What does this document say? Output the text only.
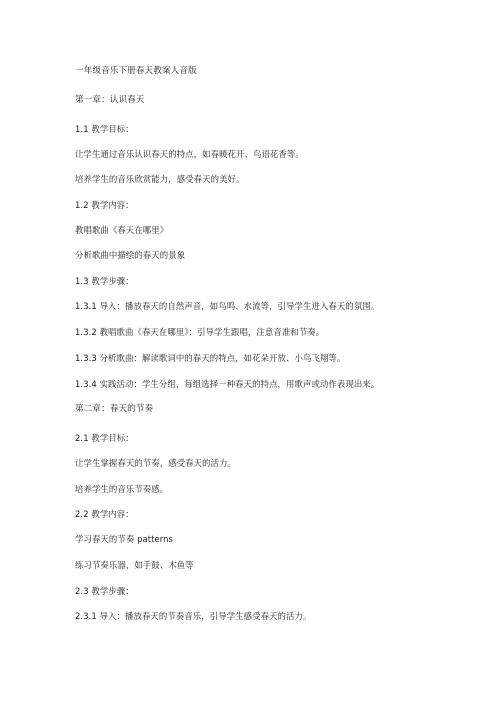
一年级音乐下册春天教案人音版
第一章：认识春天
1.1 教学目标：
让学生通过音乐认识春天的特点，如春暖花开、鸟语花香等。
培养学生的音乐欣赏能力，感受春天的美好。
1.2 教学内容：
教唱歌曲《春天在哪里》
分析歌曲中描绘的春天的景象
1.3 教学步骤：
1.3.1 导入：播放春天的自然声音，如鸟鸣、水流等，引导学生进入春天的氛围。
1.3.2 教唱歌曲《春天在哪里》：引导学生跟唱，注意音准和节奏。
1.3.3 分析歌曲：解读歌词中的春天的特点，如花朵开放、小鸟飞翔等。
1.3.4 实践活动：学生分组，每组选择一种春天的特点，用歌声或动作表现出来。
第二章：春天的节奏
2.1 教学目标：
让学生掌握春天的节奏，感受春天的活力。
培养学生的音乐节奏感。
2.2 教学内容：
学习春天的节奏 patterns
练习节奏乐器，如手鼓、木鱼等
2.3 教学步骤：
2.3.1 导入：播放春天的节奏音乐，引导学生感受春天的活力。
